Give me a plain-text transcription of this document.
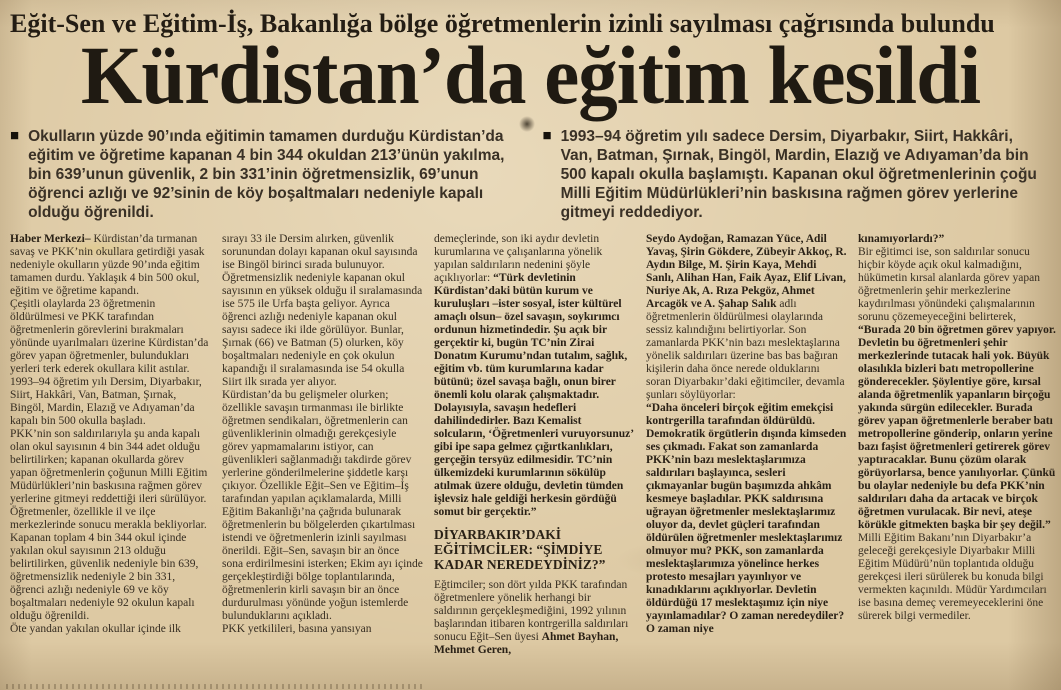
Eğit-Sen ve Eğitim-İş, Bakanlığa bölge öğretmenlerin izinli sayılması çağrısında bulundu
Kürdistan’da eğitim kesildi
■ Okulların yüzde 90’ında eğitimin tamamen durduğu Kürdistan’da eğitim ve öğretime kapanan 4 bin 344 okuldan 213’ünün yakılma, bin 639’unun güvenlik, 2 bin 331’inin öğretmensizlik, 69’unun öğrenci azlığı ve 92’sinin de köy boşaltmaları nedeniyle kapalı olduğu öğrenildi.
■ 1993–94 öğretim yılı sadece Dersim, Diyarbakır, Siirt, Hakkâri, Van, Batman, Şırnak, Bingöl, Mardin, Elazığ ve Adıyaman’da bin 500 kapalı okulla başlamıştı. Kapanan okul öğretmenlerinin çoğu Milli Eğitim Müdürlükleri’nin baskısına rağmen görev yerlerine gitmeyi reddediyor.

Haber Merkezi– Kürdistan’da tırmanan savaş ve PKK’nin okullara getirdiği yasak nedeniyle okulların yüzde 90’ında eğitim tamamen durdu. Yaklaşık 4 bin 500 okul, eğitim ve öğretime kapandı.

Çeşitli olaylarda 23 öğretmenin öldürülmesi ve PKK tarafından öğretmenlerin görevlerini bırakmaları yönünde uyarılmaları üzerine Kürdistan’da görev yapan öğretmenler, bulundukları yerleri terk ederek okullara kilit astılar. 1993–94 öğretim yılı Dersim, Diyarbakır, Siirt, Hakkâri, Van, Batman, Şırnak, Bingöl, Mardin, Elazığ ve Adıyaman’da kapalı bin 500 okulla başladı.

PKK’nin son saldırılarıyla şu anda kapalı olan okul sayısının 4 bin 344 adet olduğu belirtilirken; kapanan okullarda görev yapan öğretmenlerin çoğunun Milli Eğitim Müdürlükleri’nin baskısına rağmen görev yerlerine gitmeyi reddettiği ileri sürülüyor. Öğretmenler, özellikle il ve ilçe merkezlerinde sonucu merakla bekliyorlar. Kapanan toplam 4 bin 344 okul içinde yakılan okul sayısının 213 olduğu belirtilirken, güvenlik nedeniyle bin 639, öğretmensizlik nedeniyle 2 bin 331, öğrenci azlığı nedeniyle 69 ve köy boşaltmaları nedeniyle 92 okulun kapalı olduğu öğrenildi.

Öte yandan yakılan okullar içinde ilk

sırayı 33 ile Dersim alırken, güvenlik sorunundan dolayı kapanan okul sayısında ise Bingöl birinci sırada bulunuyor. Öğretmensizlik nedeniyle kapanan okul sayısının en yüksek olduğu il sıralamasında ise 575 ile Urfa başta geliyor. Ayrıca öğrenci azlığı nedeniyle kapanan okul sayısı sadece iki ilde görülüyor. Bunlar, Şırnak (66) ve Batman (5) olurken, köy boşaltmaları nedeniyle en çok okulun kapandığı il sıralamasında ise 54 okulla Siirt ilk sırada yer alıyor.

Kürdistan’da bu gelişmeler olurken; özellikle savaşın tırmanması ile birlikte öğretmen sendikaları, öğretmenlerin can güvenliklerinin olmadığı gerekçesiyle görev yapmamalarını istiyor, can güvenlikleri sağlanmadığı takdirde görev yerlerine gönderilmelerine şiddetle karşı çıkıyor. Özellikle Eğit–Sen ve Eğitim–İş tarafından yapılan açıklamalarda, Milli Eğitim Bakanlığı’na çağrıda bulunarak öğretmenlerin bu bölgelerden çıkartılması istendi ve öğretmenlerin izinli sayılması önerildi. Eğit–Sen, savaşın bir an önce sona erdirilmesini isterken; Ekim ayı içinde gerçekleştirdiği bölge toplantılarında, öğretmenlerin kirli savaşın bir an önce durdurulması yönünde yoğun istemlerde bulunduklarını açıkladı.

PKK yetkilileri, basına yansıyan

demeçlerinde, son iki aydır devletin kurumlarına ve çalışanlarına yönelik yapılan saldırıların nedenini şöyle açıklıyorlar: “Türk devletinin Kürdistan’daki bütün kurum ve kuruluşları –ister sosyal, ister kültürel amaçlı olsun– özel savaşın, soykırımcı ordunun hizmetindedir. Şu açık bir gerçektir ki, bugün TC’nin Zirai Donatım Kurumu’ndan tutalım, sağlık, eğitim vb. tüm kurumlarına kadar bütünü; özel savaşa bağlı, onun birer önemli kolu olarak çalışmaktadır. Dolayısıyla, savaşın hedefleri dahilindedirler. Bazı Kemalist solcuların, ‘Öğretmenleri vuruyorsunuz’ gibi ipe sapa gelmez çığırtkanlıkları, gerçeğin tersyüz edilmesidir. TC’nin ülkemizdeki kurumlarının sökülüp atılmak üzere olduğu, devletin tümden işlevsiz hale geldiği herkesin gördüğü somut bir gerçektir.”

DİYARBAKIR’DAKİ EĞİTİMCİLER: “ŞİMDİYE KADAR NEREDEYDİNİZ?”

Eğtimciler; son dört yılda PKK tarafından öğretmenlere yönelik herhangi bir saldırının gerçekleşmediğini, 1992 yılının başlarından itibaren kontrgerilla saldırıları sonucu Eğit–Sen üyesi Ahmet Bayhan, Mehmet Geren,

Seydo Aydoğan, Ramazan Yüce, Adil Yavaş, Şirin Gökdere, Zübeyir Akkoç, R. Aydın Bilge, M. Şirin Kaya, Mehdi Sanlı, Alihan Han, Faik Ayaz, Elif Livan, Nuriye Ak, A. Rıza Pekgöz, Ahmet Arcagök ve A. Şahap Salık adlı öğretmenlerin öldürülmesi olaylarında sessiz kalındığını belirtiyorlar. Son zamanlarda PKK’nin bazı meslektaşlarına yönelik saldırıları üzerine bas bas bağıran kişilerin daha önce nerede olduklarını soran Diyarbakır’daki eğitimciler, devamla şunları söylüyorlar:

“Daha önceleri birçok eğitim emekçisi kontrgerilla tarafından öldürüldü. Demokratik örgütlerin dışında kimseden ses çıkmadı. Fakat son zamanlarda PKK’nin bazı meslektaşlarımıza saldırıları başlayınca, sesleri çıkmayanlar bugün başımızda ahkâm kesmeye başladılar. PKK saldırısına uğrayan öğretmenler meslektaşlarımız oluyor da, devlet güçleri tarafından öldürülen öğretmenler meslektaşlarımız olmuyor mu? PKK, son zamanlarda meslektaşlarımıza yönelince herkes protesto mesajları yayınlıyor ve kınadıklarını açıklıyorlar. Devletin öldürdüğü 17 meslektaşımız için niye yayınlamadılar? O zaman neredeydiler? O zaman niye

kınamıyorlardı?”

Bir eğitimci ise, son saldırılar sonucu hiçbir köyde açık okul kalmadığını, hükümetin kırsal alanlarda görev yapan öğretmenlerin şehir merkezlerine kaydırılması yönündeki çalışmalarının sorunu çözemeyeceğini belirterek,

“Burada 20 bin öğretmen görev yapıyor. Devletin bu öğretmenleri şehir merkezlerinde tutacak hali yok. Büyük olasılıkla bizleri batı metropollerine gönderecekler. Şöylentiye göre, kırsal alanda öğretmenlik yapanların birçoğu yakında sürgün edilecekler. Burada görev yapan öğretmenlerle beraber batı metropollerine gönderip, onların yerine bazı faşist öğretmenleri getirerek görev yaptıracaklar. Bunu çözüm olarak görüyorlarsa, bence yanılıyorlar. Çünkü bu olaylar nedeniyle bu defa PKK’nin saldırıları daha da artacak ve birçok öğretmen vurulacak. Bir nevi, ateşe körükle gitmekten başka bir şey değil.”

Milli Eğitim Bakanı’nın Diyarbakır’a geleceği gerekçesiyle Diyarbakır Milli Eğitim Müdürü’nün toplantıda olduğu gerekçesi ileri sürülerek bu konuda bilgi vermekten kaçınıldı. Müdür Yardımcıları ise basına demeç veremeyeceklerini öne sürerek bilgi vermediler.
